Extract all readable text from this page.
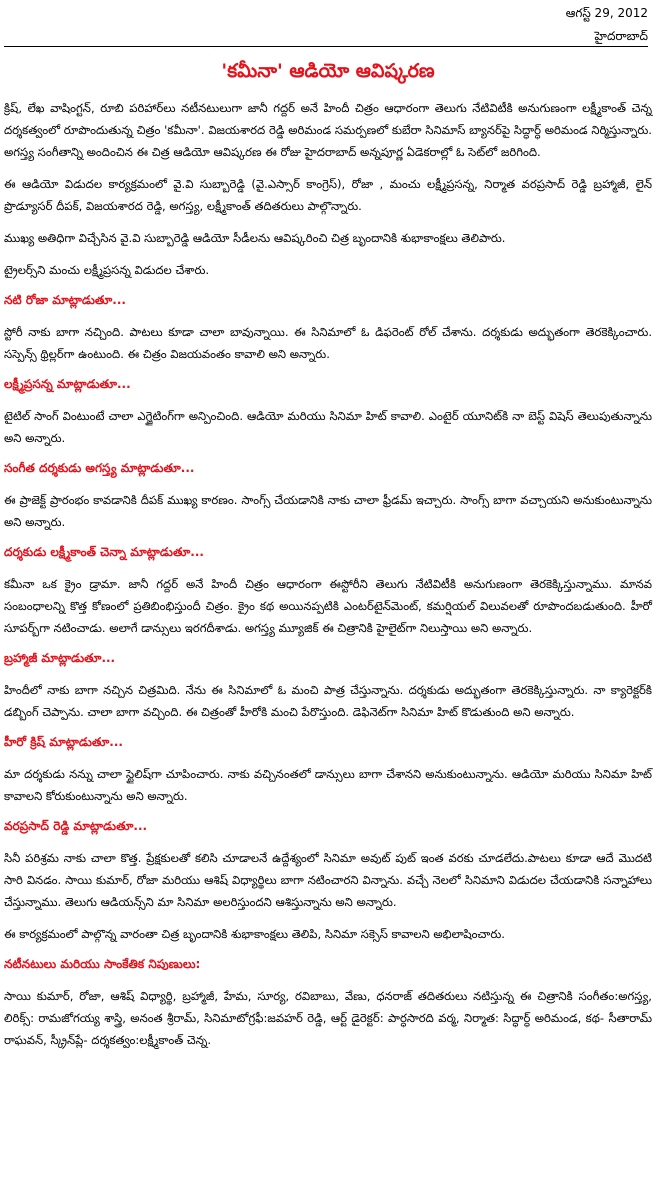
ఆగస్ట్ 29, 2012
హైదరాబాద్
'కమీనా' ఆడియో ఆవిష్కరణ

క్రిష్, లేఖ వాషింగ్టన్, రూబి పరిహార్‌లు నటీనటులుగా జానీ గద్దర్ అనే హిందీ చిత్రం ఆధారంగా తెలుగు నేటివిటీకి అనుగుణంగా లక్ష్మీకాంత్ చెన్న దర్శకత్వంలో రూపొందుతున్న చిత్రం 'కమీనా'. విజయశారద రెడ్డి అరిమండ సమర్పణలో కుబేరా సినిమాస్ బ్యానర్‌పై సిద్ధార్ధ్ అరిమండ నిర్మిస్తున్నారు. అగస్త్య సంగీతాన్ని అందించిన ఈ చిత్ర ఆడియో ఆవిష్కరణ ఈ రోజు హైదరాబాద్ అన్నపూర్ణ ఏడెకరాల్లో ఓ సెట్‌లో జరిగింది.

ఈ ఆడియో విడుదల కార్యక్రమంలో వై.వి సుబ్బారెడ్డి (వై.ఎస్సార్ కాంగ్రెస్), రోజా , మంచు లక్ష్మీప్రసన్న, నిర్మాత వరప్రసాద్ రెడ్డి బ్రహ్మాజీ, లైన్ ప్రొడ్యూసర్ దీపక్, విజయశారద రెడ్డి, అగస్త్య, లక్ష్మీకాంత్ తదితరులు పాల్గొన్నారు.

ముఖ్య అతిధిగా విచ్చేసిన వై.వి సుబ్బారెడ్డి ఆడియో సీడీలను ఆవిష్కరించి చిత్ర బృందానికి శుభాకాంక్షలు తెలిపారు.

ట్రైలర్స్‌ని మంచు లక్ష్మీప్రసన్న విడుదల చేశారు.

నటి రోజా మాట్లాడుతూ...

స్టోరీ నాకు బాగా నచ్చింది. పాటలు కూడా చాలా బావున్నాయి. ఈ సినిమాలో ఓ డిఫరెంట్ రోల్ చేశాను. దర్శకుడు అద్భుతంగా తెరకెక్కించారు. సస్పెన్స్ థ్రిల్లర్‌గా ఉంటుంది. ఈ చిత్రం విజయవంతం కావాలి అని అన్నారు.

లక్ష్మీప్రసన్న మాట్లాడుతూ...

టైటిల్ సాంగ్ వింటుంటే చాలా ఎగ్జైటింగ్‌గా అన్పించింది. ఆడియో మరియు సినిమా హిట్ కావాలి. ఎంటైర్ యూనిట్‌కి నా బెస్ట్ విషెస్ తెలుపుతున్నాను అని అన్నారు.

సంగీత దర్శకుడు అగస్త్య మాట్లాడుతూ...

ఈ ప్రాజెక్ట్ ప్రారంభం కావడానికి దీపక్ ముఖ్య కారణం. సాంగ్స్ చేయడానికి నాకు చాలా ఫ్రీడమ్ ఇచ్చారు. సాంగ్స్ బాగా వచ్చాయని అనుకుంటున్నాను అని అన్నారు.

దర్శకుడు లక్ష్మీకాంత్ చెన్నా మాట్లాడుతూ...

కమీనా ఒక క్రైం డ్రామా. జానీ గద్దర్ అనే హిందీ చిత్రం ఆధారంగా ఈస్టోరీని తెలుగు నేటివిటీకి అనుగుణంగా తెరకెక్కిస్తున్నాము. మానవ సంబంధాలన్ని కొత్త కోణంలో ప్రతిబింభిస్తుందీ చిత్రం. క్రైం కథ అయినప్పటికి ఎంటర్‌టైన్‌మెంట్, కమర్షియల్ విలువలతో రూపొందబడుతుంది. హీరో సూపర్బ్‌గా నటించాడు. అలాగే డాన్సులు ఇరగదీశాడు. అగస్త్య మ్యూజిక్ ఈ చిత్రానికి హైలైట్‌గా నిలుస్తాయి అని అన్నారు.

బ్రహ్మాజీ మాట్లాడుతూ...

హిందీలో నాకు బాగా నచ్చిన చిత్రమిది. నేను ఈ సినిమాలో ఓ మంచి పాత్ర చేస్తున్నాను. దర్శకుడు అద్భుతంగా తెరకెక్కిస్తున్నారు. నా క్యారెక్టర్‌కి డబ్బింగ్ చెప్పాను. చాలా బాగా వచ్చింది. ఈ చిత్రంతో హీరోకి మంచి పేరొస్తుంది. డెఫినెట్‌గా సినిమా హిట్ కొడుతుంది అని అన్నారు.

హీరో క్రిష్ మాట్లాడుతూ...

మా దర్శకుడు నన్ను చాలా స్టైలిష్‌గా చూపించారు. నాకు వచ్చినంతలో డాన్సులు బాగా చేశానని అనుకుంటున్నాను. ఆడియో మరియు సినిమా హిట్ కావాలని కోరుకుంటున్నాను అని అన్నారు.

వరప్రసాద్ రెడ్డి మాట్లాడుతూ...

సినీ పరిశ్రమ నాకు చాలా కొత్త. ప్రేక్షకులతో కలిసి చూడాలనే ఉద్దేశ్యంలో సినిమా అవుట్ పుట్ ఇంత వరకు చూడలేదు.పాటలు కూడా ఆదే మొదటి సారి వినడం. సాయి కుమార్, రోజా మరియు ఆశిష్ విధ్యార్థిలు బాగా నటించారని విన్నాను. వచ్చే నెలలో సినిమాని విడుదల చేయడానికి సన్నాహాలు చేస్తున్నాము. తెలుగు ఆడియన్స్‌ని మా సినిమా అలరిస్తుందని ఆశిస్తున్నాను అని అన్నారు.

ఈ కార్యక్రమంలో పాల్గొన్న వారంతా చిత్ర బృందానికి శుభాకాంక్షలు తెలిపి, సినిమా సక్సెస్ కావాలని అభిలాషించారు.

నటీనటులు మరియు సాంకేతిక నిపుణులు:

సాయి కుమార్, రోజా, ఆశిష్ విధ్యార్థి, బ్రహ్మాజీ, హేమ, సూర్య, రవిబాబు, వేణు, ధనరాజ్ తదితరులు నటిస్తున్న ఈ చిత్రానికి సంగీతం:అగస్త్య, లిరిక్స్: రామజోగయ్య శాస్త్రి, అనంత శ్రీరామ్, సినిమాటోగ్రఫీ:జవహర్ రెడ్డి, ఆర్ట్ డైరెక్టర్: పార్ధసారది వర్మ, నిర్మాత: సిద్ధార్ధ్ అరిమండ, కథ- సీతారామ్ రాఘవన్, స్క్రీన్‌ప్లే- దర్శకత్వం:లక్ష్మీకాంత్ చెన్న.
